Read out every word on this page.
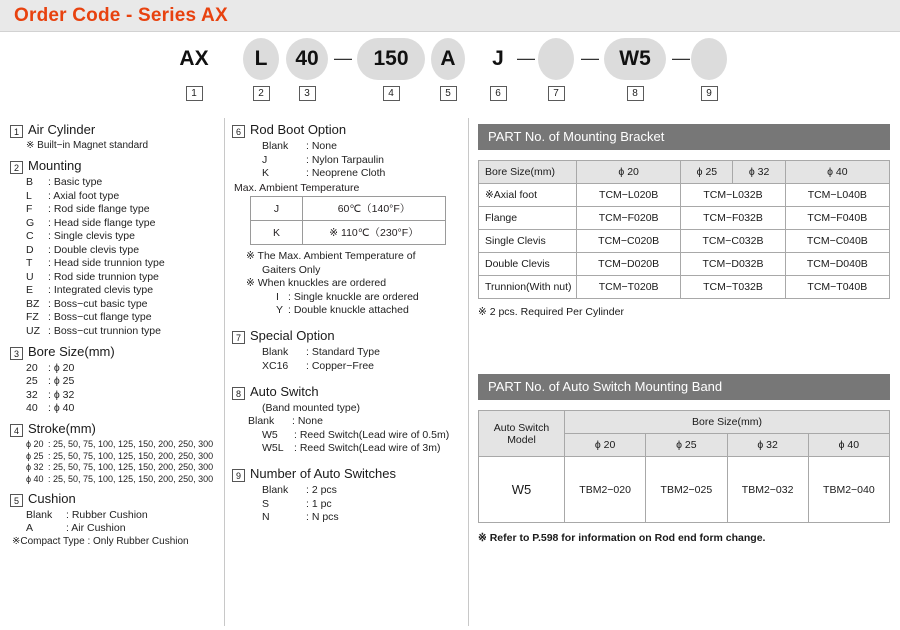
Order Code - Series AX
AX
1
L
2
40
3
150
4
A
5
J
6	7
W5
8	9
—	—	—	—
1 Air Cylinder
※ Built−in Magnet standard
2 Mounting
B : Basic type
L : Axial foot type
F : Rod side flange type
G : Head side flange type
C : Single clevis type
D : Double clevis type
T : Head side trunnion type
U : Rod side trunnion type
E : Integrated clevis type
BZ : Boss−cut basic type
FZ : Boss−cut flange type
UZ : Boss−cut trunnion type
3 Bore Size(mm)
20 : ϕ 20
25 : ϕ 25
32 : ϕ 32
40 : ϕ 40
4 Stroke(mm)
ϕ 20 : 25, 50, 75, 100, 125, 150, 200, 250, 300
ϕ 25 : 25, 50, 75, 100, 125, 150, 200, 250, 300
ϕ 32 : 25, 50, 75, 100, 125, 150, 200, 250, 300
ϕ 40 : 25, 50, 75, 100, 125, 150, 200, 250, 300
5 Cushion
Blank : Rubber Cushion
A	: Air Cushion
※Compact Type : Only Rubber Cushion
6 Rod Boot Option
Blank : None
J	: Nylon Tarpaulin
K	: Neoprene Cloth
Max. Ambient Temperature
J	60℃（140°F）
K	※ 110℃（230°F）
※ The Max. Ambient Temperature of
Gaiters Only
※ When knuckles are ordered
I : Single knuckle are ordered
Y : Double knuckle attached
7 Special Option
Blank : Standard Type
XC16 : Copper−Free
8 Auto Switch
(Band mounted type)
Blank : None
W5 : Reed Switch(Lead wire of 0.5m)
W5L : Reed Switch(Lead wire of 3m)
9 Number of Auto Switches
Blank : 2 pcs
S	: 1 pc
N	: N pcs
PART No. of Mounting Bracket
Bore Size(mm)	ϕ 20	ϕ 25	ϕ 32	ϕ 40
※Axial foot	TCM−L020B	TCM−L032B		TCM−L040B
Flange	TCM−F020B	TCM−F032B		TCM−F040B
Single Clevis	TCM−C020B	TCM−C032B		TCM−C040B
Double Clevis	TCM−D020B	TCM−D032B		TCM−D040B
Trunnion(With nut)	TCM−T020B	TCM−T032B		TCM−T040B
※ 2 pcs. Required Per Cylinder
PART No. of Auto Switch Mounting Band
Auto Switch
Model	Bore Size(mm)			
	ϕ 20	ϕ 25	ϕ 32	ϕ 40
W5	TBM2−020	TBM2−025	TBM2−032	TBM2−040
※ Refer to P.598 for information on Rod end form change.
